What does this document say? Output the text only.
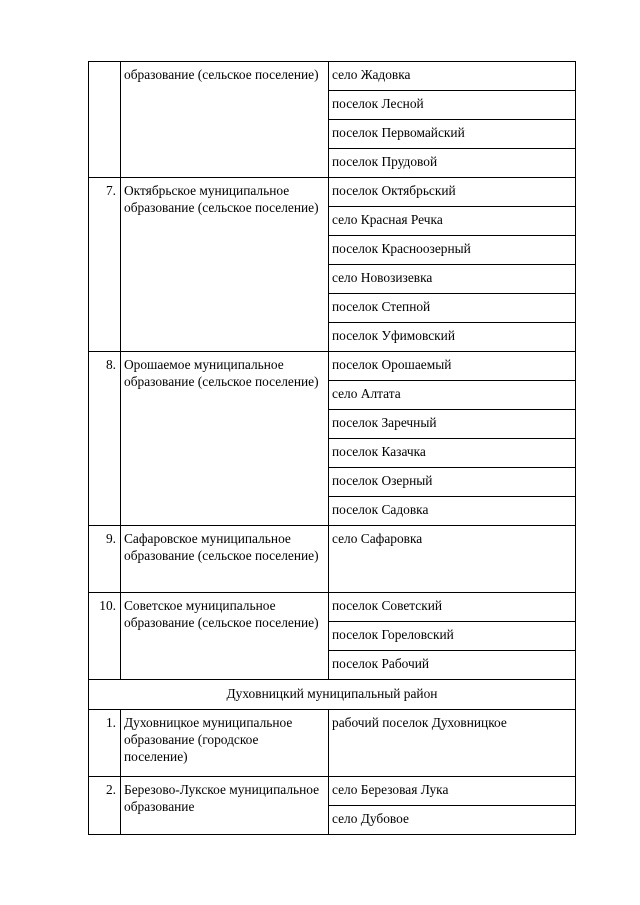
	образование (сельское поселение)	село Жадовка
		поселок Лесной
		поселок Первомайский
		поселок Прудовой
7.	Октябрьское муниципальное образование (сельское поселение)	поселок Октябрьский
		село Красная Речка
		поселок Красноозерный
		село Новозизевка
		поселок Степной
		поселок Уфимовский
8.	Орошаемое муниципальное образование (сельское поселение)	поселок Орошаемый
		село Алтата
		поселок Заречный
		поселок Казачка
		поселок Озерный
		поселок Садовка
9.	Сафаровское муниципальное образование (сельское поселение)	село Сафаровка
10.	Советское муниципальное образование (сельское поселение)	поселок Советский
		поселок Гореловский
		поселок Рабочий
Духовницкий муниципальный район		
1.	Духовницкое муниципальное образование (городское поселение)	рабочий поселок Духовницкое
2.	Березово-Лукское муниципальное образование	село Березовая Лука
		село Дубовое
